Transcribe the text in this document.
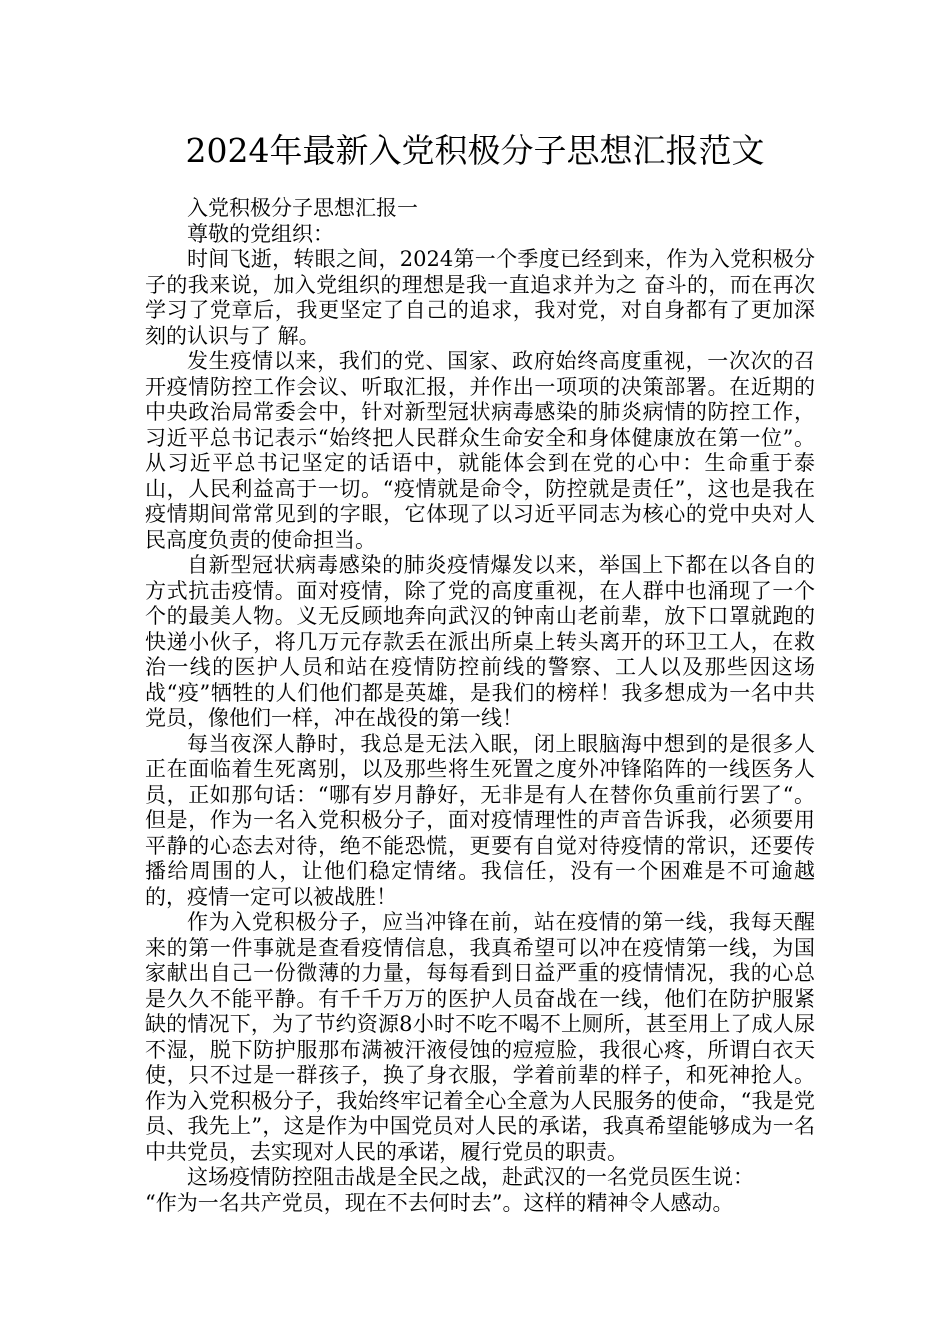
2024年最新入党积极分子思想汇报范文

入党积极分子思想汇报一

尊敬的党组织：

时间飞逝，转眼之间，2024第一个季度已经到来，作为入党积极分子的我来说，加入党组织的理想是我一直追求并为之 奋斗的，而在再次学习了党章后，我更坚定了自己的追求，我对党，对自身都有了更加深刻的认识与了 解。

发生疫情以来，我们的党、国家、政府始终高度重视，一次次的召开疫情防控工作会议、听取汇报，并作出一项项的决策部署。在近期的中央政治局常委会中，针对新型冠状病毒感染的肺炎病情的防控工作，习近平总书记表示“始终把人民群众生命安全和身体健康放在第一位”。从习近平总书记坚定的话语中，就能体会到在党的心中：生命重于泰山，人民利益高于一切。“疫情就是命令，防控就是责任”，这也是我在疫情期间常常见到的字眼，它体现了以习近平同志为核心的党中央对人民高度负责的使命担当。

自新型冠状病毒感染的肺炎疫情爆发以来，举国上下都在以各自的方式抗击疫情。面对疫情，除了党的高度重视，在人群中也涌现了一个个的最美人物。义无反顾地奔向武汉的钟南山老前辈，放下口罩就跑的快递小伙子，将几万元存款丢在派出所桌上转头离开的环卫工人，在救治一线的医护人员和站在疫情防控前线的警察、工人以及那些因这场战“疫”牺牲的人们他们都是英雄，是我们的榜样！我多想成为一名中共党员，像他们一样，冲在战役的第一线！

每当夜深人静时，我总是无法入眠，闭上眼脑海中想到的是很多人正在面临着生死离别，以及那些将生死置之度外冲锋陷阵的一线医务人员，正如那句话：“哪有岁月静好，无非是有人在替你负重前行罢了“。但是，作为一名入党积极分子，面对疫情理性的声音告诉我，必须要用平静的心态去对待，绝不能恐慌，更要有自觉对待疫情的常识，还要传播给周围的人，让他们稳定情绪。我信任，没有一个困难是不可逾越的，疫情一定可以被战胜！

作为入党积极分子，应当冲锋在前，站在疫情的第一线，我每天醒来的第一件事就是查看疫情信息，我真希望可以冲在疫情第一线，为国家献出自己一份微薄的力量，每每看到日益严重的疫情情况，我的心总是久久不能平静。有千千万万的医护人员奋战在一线，他们在防护服紧缺的情况下，为了节约资源8小时不吃不喝不上厕所，甚至用上了成人尿不湿，脱下防护服那布满被汗液侵蚀的痘痘脸，我很心疼，所谓白衣天使，只不过是一群孩子，换了身衣服，学着前辈的样子，和死神抢人。作为入党积极分子，我始终牢记着全心全意为人民服务的使命，“我是党员、我先上”，这是作为中国党员对人民的承诺，我真希望能够成为一名中共党员，去实现对人民的承诺，履行党员的职责。

这场疫情防控阻击战是全民之战，赴武汉的一名党员医生说：

“作为一名共产党员，现在不去何时去”。这样的精神令人感动。
